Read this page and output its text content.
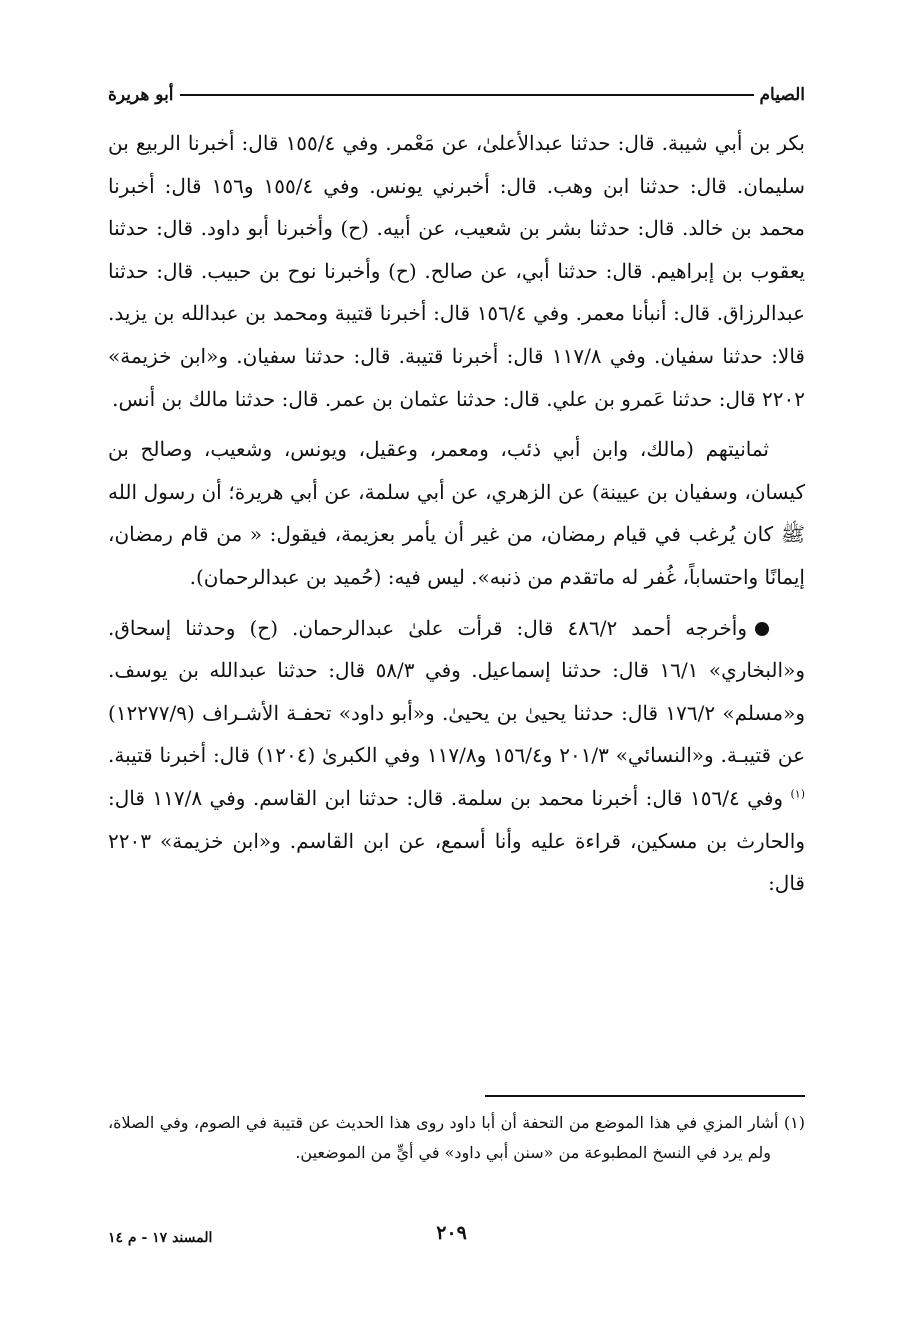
الصيام
أبو هريرة

بكر بن أبي شيبة. قال: حدثنا عبدالأعلىٰ، عن مَعْمر. وفي ١٥٥/٤ قال: أخبرنا الربيع بن سليمان. قال: حدثنا ابن وهب. قال: أخبرني يونس. وفي ١٥٥/٤ و١٥٦ قال: أخبرنا محمد بن خالد. قال: حدثنا بشر بن شعيب، عن أبيه. (ح) وأخبرنا أبو داود. قال: حدثنا يعقوب بن إبراهيم. قال: حدثنا أبي، عن صالح. (ح) وأخبرنا نوح بن حبيب. قال: حدثنا عبدالرزاق. قال: أنبأنا معمر. وفي ١٥٦/٤ قال: أخبرنا قتيبة ومحمد بن عبدالله بن يزيد. قالا: حدثنا سفيان. وفي ١١٧/٨ قال: أخبرنا قتيبة. قال: حدثنا سفيان. و«ابن خزيمة» ٢٢٠٢ قال: حدثنا عَمرو بن علي. قال: حدثنا عثمان بن عمر. قال: حدثنا مالك بن أنس.

ثمانيتهم (مالك، وابن أبي ذئب، ومعمر، وعقيل، ويونس، وشعيب، وصالح بن كيسان، وسفيان بن عيينة) عن الزهري، عن أبي سلمة، عن أبي هريرة؛ أن رسول الله ﷺ كان يُرغب في قيام رمضان، من غير أن يأمر بعزيمة، فيقول: « من قام رمضان، إيمانًا واحتساباً، غُفر له ماتقدم من ذنبه». ليس فيه: (حُميد بن عبدالرحمان).

وأخرجه أحمد ٤٨٦/٢ قال: قرأت علىٰ عبدالرحمان. (ح) وحدثنا إسحاق. و«البخاري» ١٦/١ قال: حدثنا إسماعيل. وفي ٥٨/٣ قال: حدثنا عبدالله بن يوسف. و«مسلم» ١٧٦/٢ قال: حدثنا يحيىٰ بن يحيىٰ. و«أبو داود» تحفـة الأشـراف (١٢٢٧٧/٩) عن قتيبـة. و«النسائي» ٢٠١/٣ و١٥٦/٤ و١١٧/٨ وفي الكبرىٰ (١٢٠٤) قال: أخبرنا قتيبة.$^{(١)}$ وفي ١٥٦/٤ قال: أخبرنا محمد بن سلمة. قال: حدثنا ابن القاسم. وفي ١١٧/٨ قال: والحارث بن مسكين، قراءة عليه وأنا أسمع، عن ابن القاسم. و«ابن خزيمة» ٢٢٠٣ قال:

(١) أشار المزي في هذا الموضع من التحفة أن أبا داود روى هذا الحديث عن قتيبة في الصوم، وفي الصلاة، ولم يرد في النسخ المطبوعة من «سنن أبي داود» في أيٍّ من الموضعين.

٢٠٩
المسند ١٧ - م ١٤
